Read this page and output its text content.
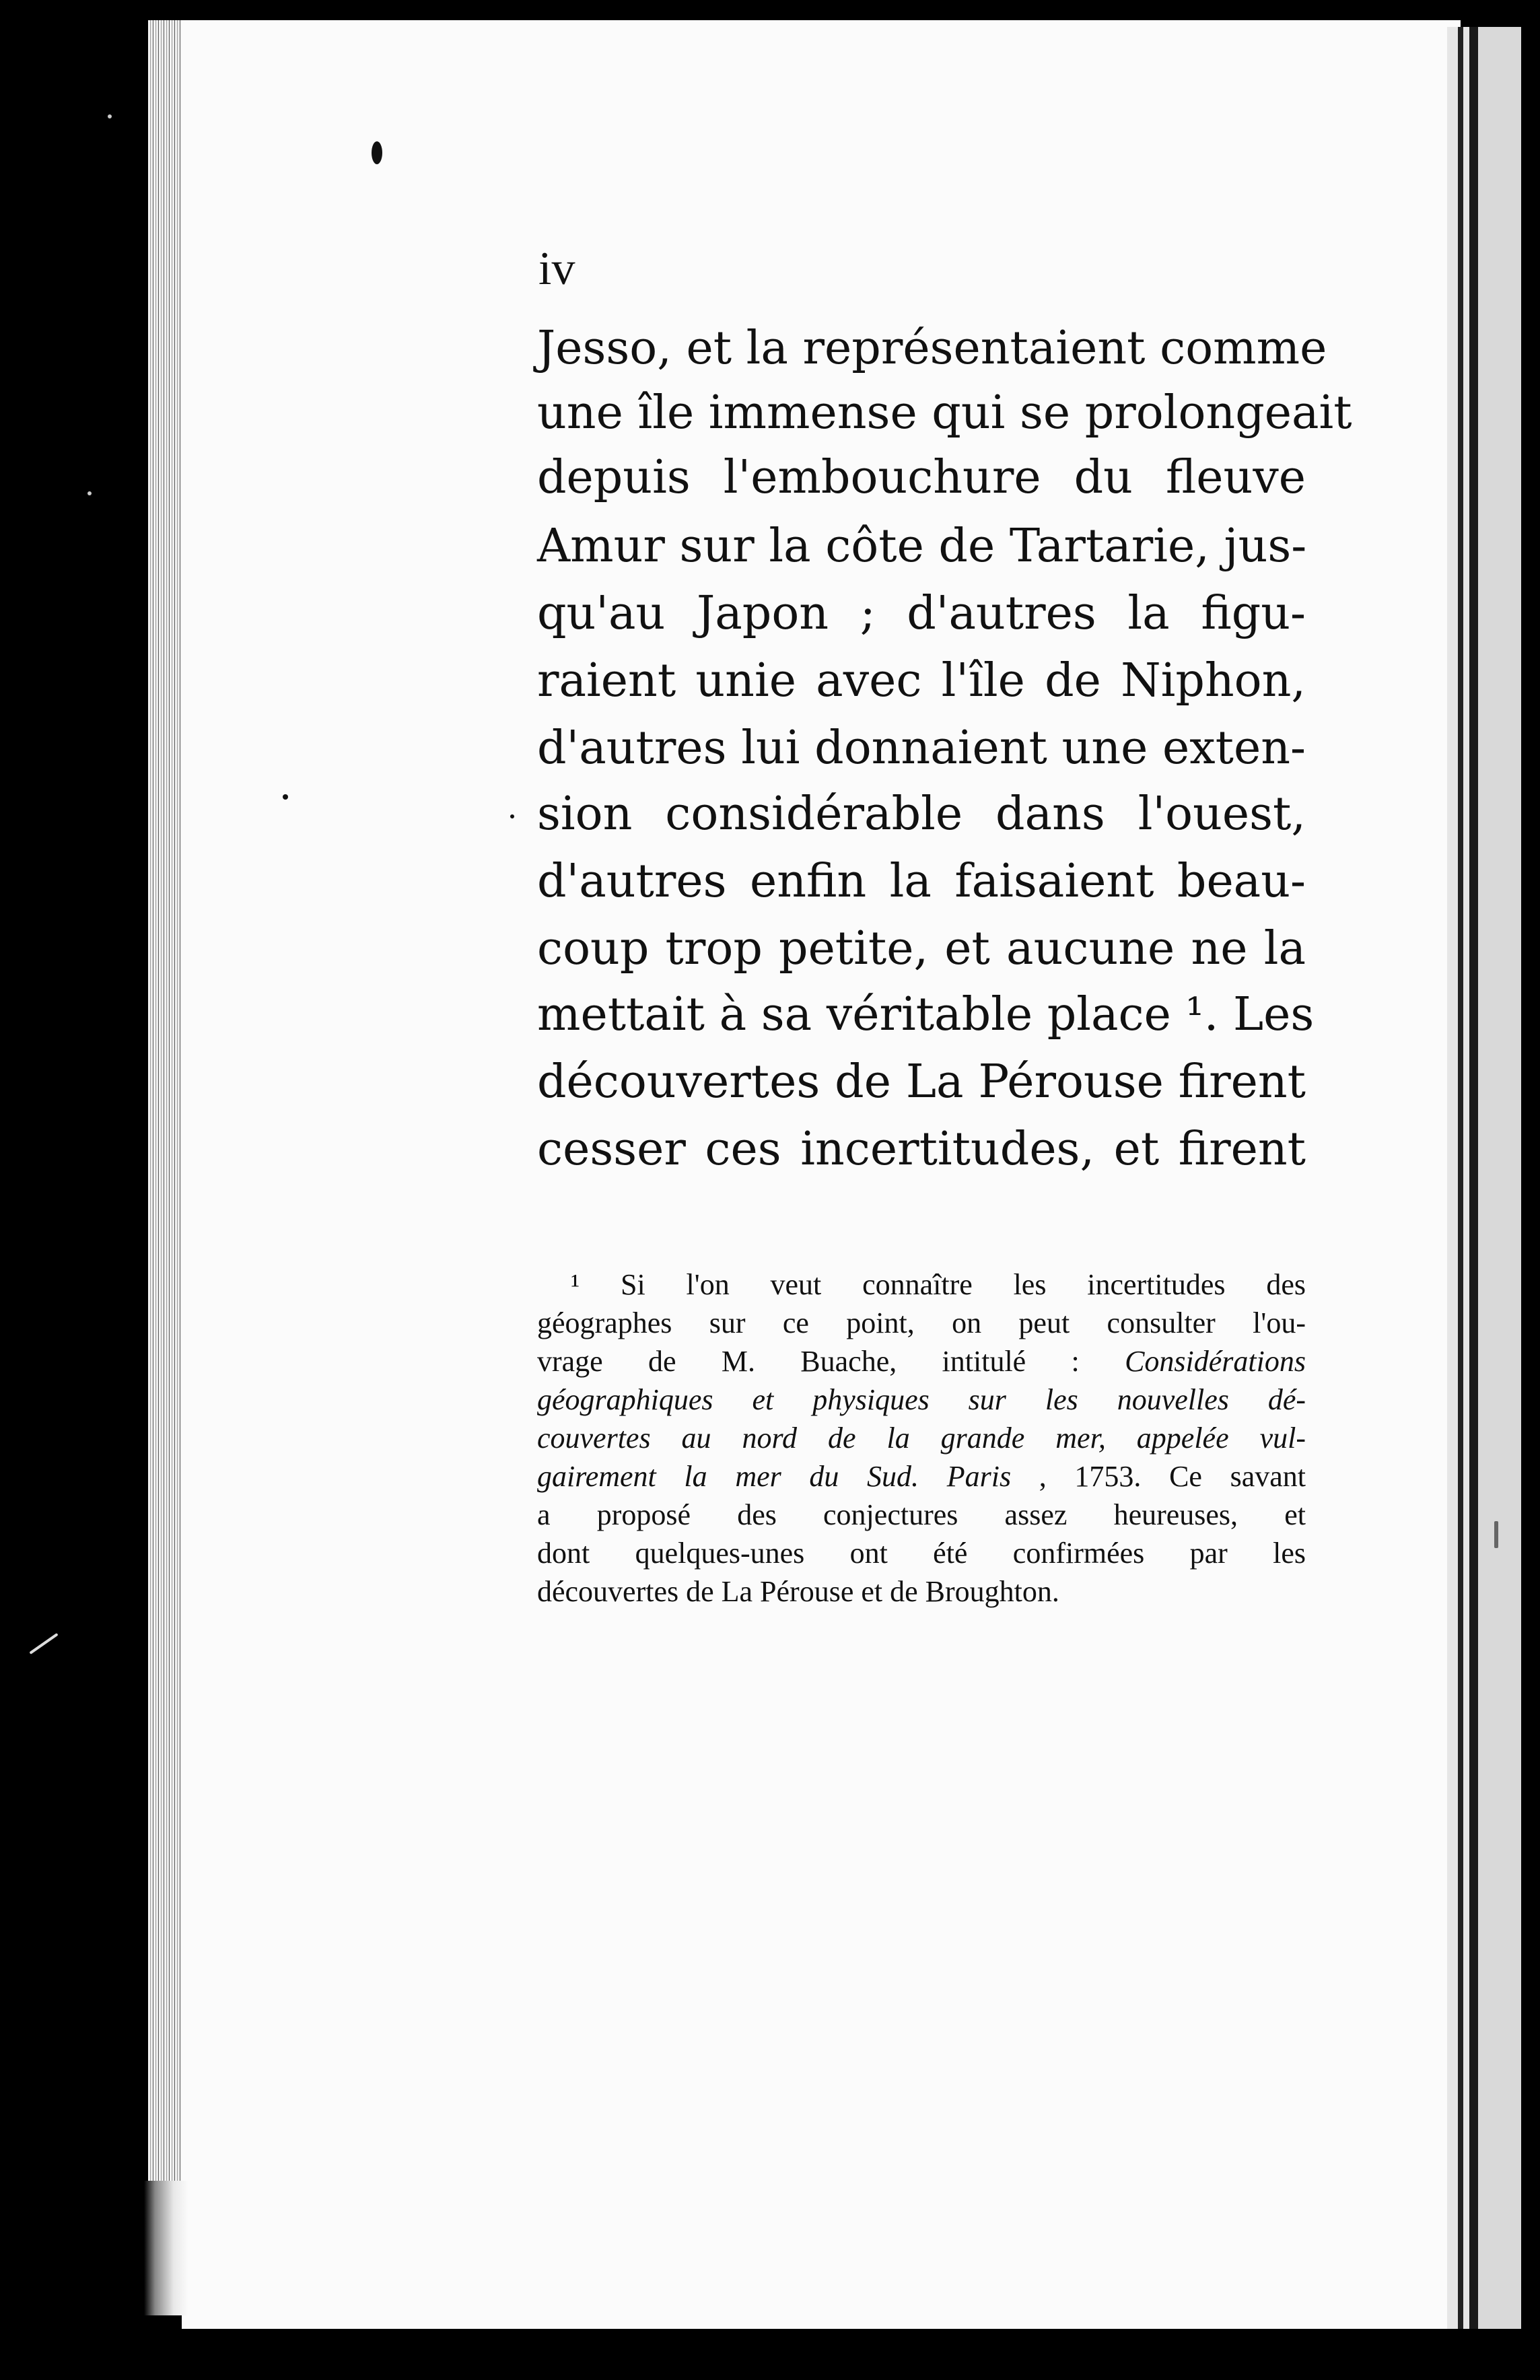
iv

Jesso, et la représentaient comme

une île immense qui se prolongeait

depuis l'embouchure du fleuve

Amur sur la côte de Tartarie, jus-

qu'au Japon ; d'autres la figu-

raient unie avec l'île de Niphon,

d'autres lui donnaient une exten-

sion considérable dans l'ouest,

d'autres enfin la faisaient beau-

coup trop petite, et aucune ne la

mettait à sa véritable place ¹. Les

découvertes de La Pérouse firent

cesser ces incertitudes, et firent

¹ Si l'on veut connaître les incertitudes des

géographes sur ce point, on peut consulter l'ou-

vrage de M. Buache, intitulé : Considérations

géographiques et physiques sur les nouvelles dé-

couvertes au nord de la grande mer, appelée vul-

gairement la mer du Sud. Paris , 1753. Ce savant

a proposé des conjectures assez heureuses, et

dont quelques-unes ont été confirmées par les

découvertes de La Pérouse et de Broughton.
